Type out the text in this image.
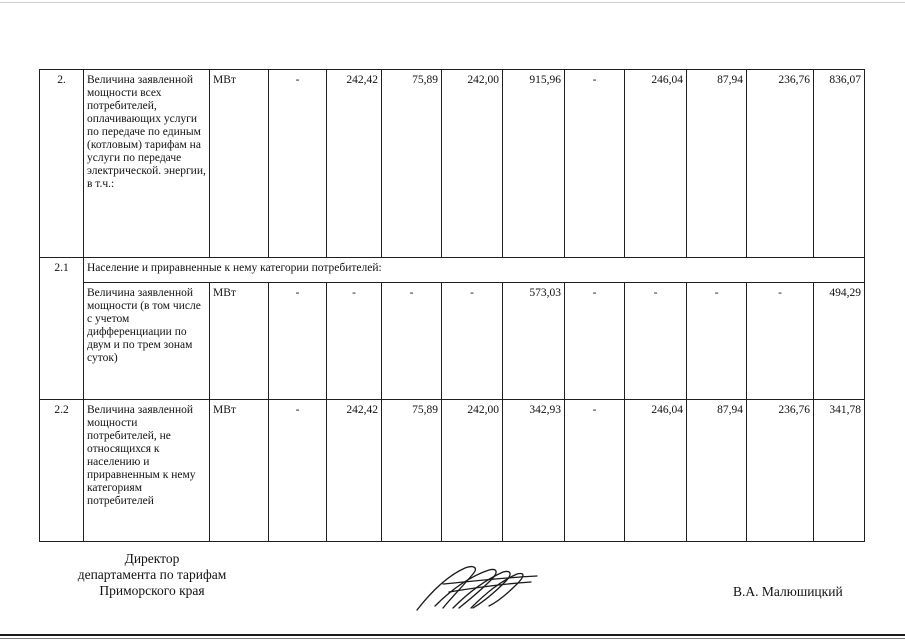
2.	Величина заявленной мощности всех потребителей, оплачивающих услуги по передаче по единым (котловым) тарифам на услуги по передаче электрической. энергии, в т.ч.:	МВт	-	242,42	75,89	242,00	915,96	-	246,04	87,94	236,76	836,07
2.1	Население и приравненные к нему категории потребителей:											
	Величина заявленной мощности (в том числе с учетом дифференциации по двум и по трем зонам суток)	МВт	-	-	-	-	573,03	-	-	-	-	494,29
2.2	Величина заявленной мощности потребителей, не относящихся к населению и приравненным к нему категориям потребителей	МВт	-	242,42	75,89	242,00	342,93	-	246,04	87,94	236,76	341,78
Директор
департамента по тарифам
Приморского края	В.А. Малюшицкий
